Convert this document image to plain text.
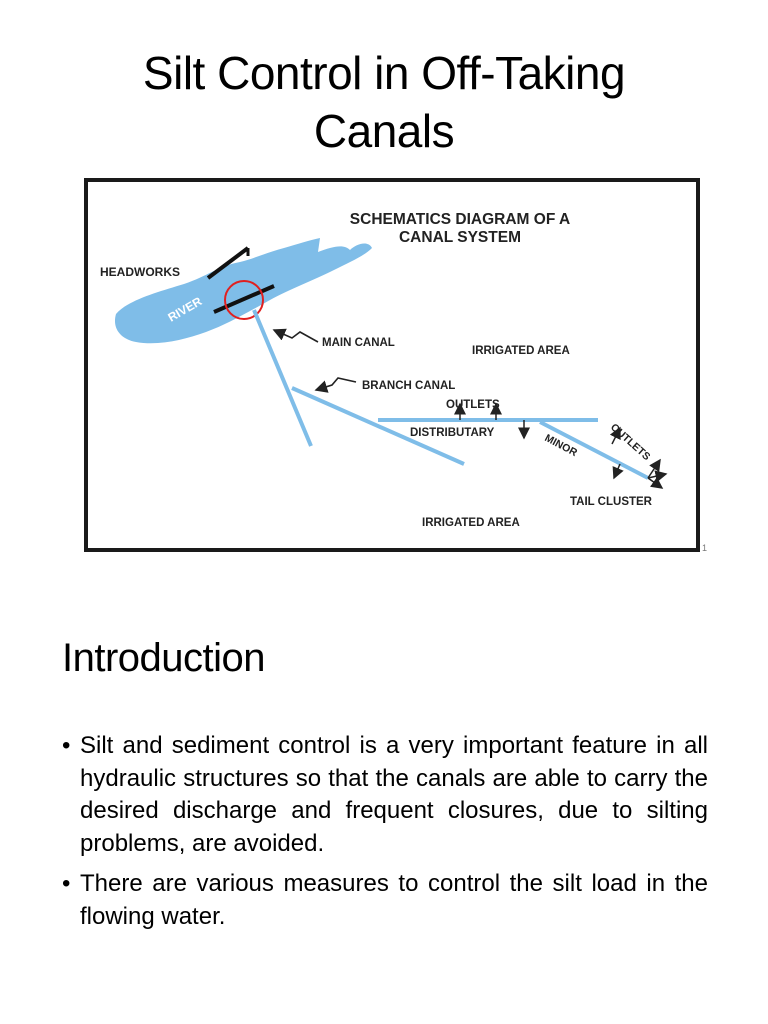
Silt Control in Off-Taking
Canals
RIVER
HEADWORKS
SCHEMATICS DIAGRAM OF A
CANAL SYSTEM
MAIN CANAL
IRRIGATED AREA
BRANCH CANAL
OUTLETS
DISTRIBUTARY	MINOR	OUTLETS
TAIL CLUSTER
IRRIGATED AREA
1
Introduction
• Silt and sediment control is a very important feature in all hydraulic structures so that the canals are able to carry the desired discharge and frequent closures, due to silting problems, are avoided.
• There are various measures to control the silt load in the flowing water.
